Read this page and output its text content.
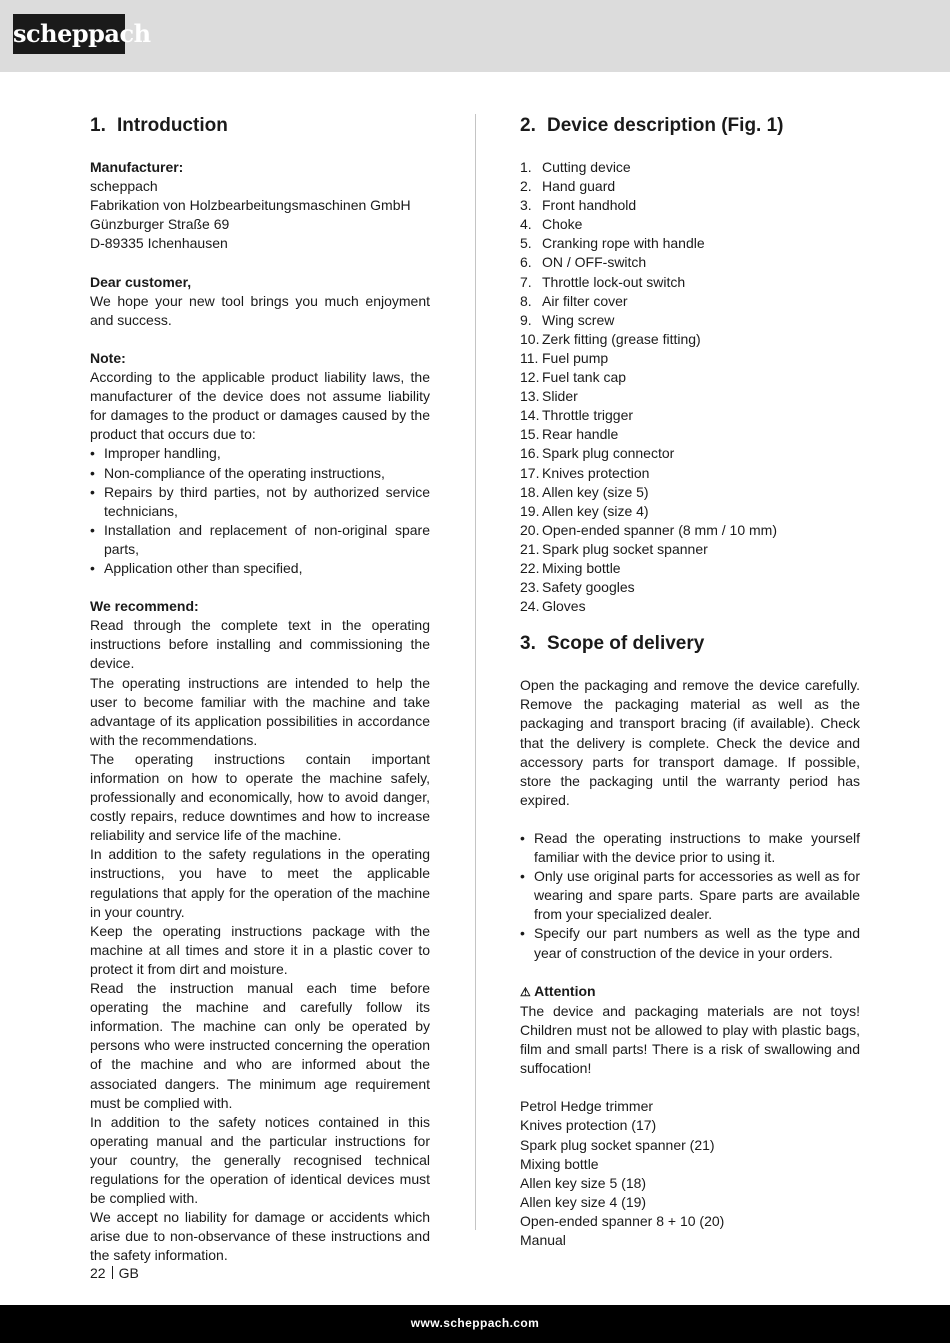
scheppach
1. Introduction
Manufacturer:
scheppach
Fabrikation von Holzbearbeitungsmaschinen GmbH
Günzburger Straße 69
D-89335 Ichenhausen
Dear customer,

We hope your new tool brings you much enjoyment and success.

Note:

According to the applicable product liability laws, the manufacturer of the device does not assume liability for damages to the product or damages caused by the product that occurs due to:

• Improper handling,
• Non-compliance of the operating instructions,
• Repairs by third parties, not by authorized service technicians,
• Installation and replacement of non-original spare parts,
• Application other than specified,
We recommend:

Read through the complete text in the operating instructions before installing and commissioning the device.

The operating instructions are intended to help the user to become familiar with the machine and take advantage of its application possibilities in accordance with the recommendations.

The operating instructions contain important information on how to operate the machine safely, professionally and economically, how to avoid danger, costly repairs, reduce downtimes and how to increase reliability and service life of the machine.

In addition to the safety regulations in the operating instructions, you have to meet the applicable regulations that apply for the operation of the machine in your country.

Keep the operating instructions package with the machine at all times and store it in a plastic cover to protect it from dirt and moisture.

Read the instruction manual each time before operating the machine and carefully follow its information. The machine can only be operated by persons who were instructed concerning the operation of the machine and who are informed about the associated dangers. The minimum age requirement must be complied with.

In addition to the safety notices contained in this operating manual and the particular instructions for your country, the generally recognised technical regulations for the operation of identical devices must be complied with.

We accept no liability for damage or accidents which arise due to non-observance of these instructions and the safety information.

2. Device description (Fig. 1)
1. Cutting device
2. Hand guard
3. Front handhold
4. Choke
5. Cranking rope with handle
6. ON / OFF-switch
7. Throttle lock-out switch
8. Air filter cover
9. Wing screw
10. Zerk fitting (grease fitting)
11. Fuel pump
12. Fuel tank cap
13. Slider
14. Throttle trigger
15. Rear handle
16. Spark plug connector
17. Knives protection
18. Allen key (size 5)
19. Allen key (size 4)
20. Open-ended spanner (8 mm / 10 mm)
21. Spark plug socket spanner
22. Mixing bottle
23. Safety googles
24. Gloves
3. Scope of delivery

Open the packaging and remove the device carefully. Remove the packaging material as well as the packaging and transport bracing (if available). Check that the delivery is complete. Check the device and accessory parts for transport damage. If possible, store the packaging until the warranty period has expired.

• Read the operating instructions to make yourself familiar with the device prior to using it.
• Only use original parts for accessories as well as for wearing and spare parts. Spare parts are available from your specialized dealer.
• Specify our part numbers as well as the type and year of construction of the device in your orders.
⚠ Attention

The device and packaging materials are not toys! Children must not be allowed to play with plastic bags, film and small parts! There is a risk of swallowing and suffocation!

Petrol Hedge trimmer
Knives protection (17)
Spark plug socket spanner (21)
Mixing bottle
Allen key size 5 (18)
Allen key size 4 (19)
Open-ended spanner 8 + 10 (20)
Manual
22 GB
www.scheppach.com
